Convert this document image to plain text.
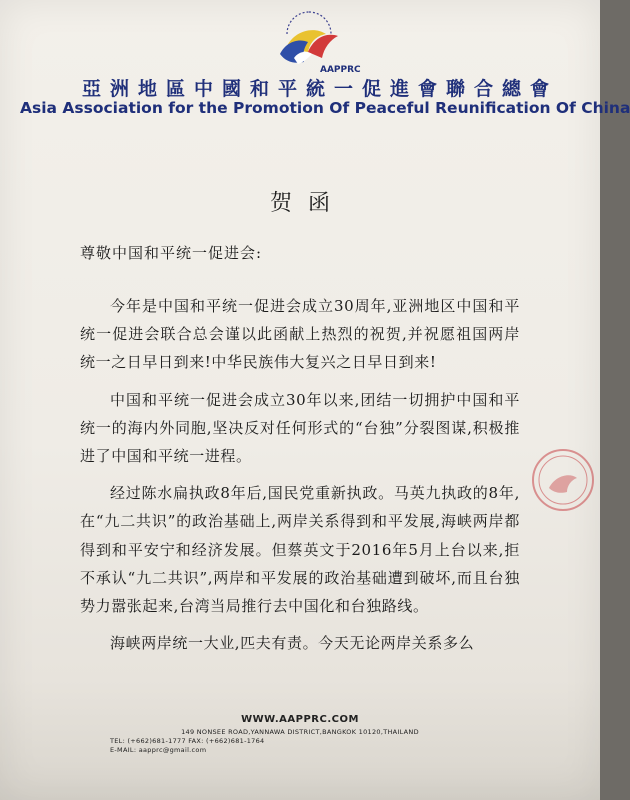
AAPPRC
亞洲地區中國和平統一促進會聯合總會
Asia Association for the Promotion Of Peaceful Reunification Of China
贺函
尊敬中国和平统一促进会:

今年是中国和平统一促进会成立30周年,亚洲地区中国和平统一促进会联合总会谨以此函献上热烈的祝贺,并祝愿祖国两岸统一之日早日到来!中华民族伟大复兴之日早日到来!

中国和平统一促进会成立30年以来,团结一切拥护中国和平统一的海内外同胞,坚决反对任何形式的“台独”分裂图谋,积极推进了中国和平统一进程。

经过陈水扁执政8年后,国民党重新执政。马英九执政的8年,在“九二共识”的政治基础上,两岸关系得到和平发展,海峡两岸都得到和平安宁和经济发展。但蔡英文于2016年5月上台以来,拒不承认“九二共识”,两岸和平发展的政治基础遭到破坏,而且台独势力嚣张起来,台湾当局推行去中国化和台独路线。

海峡两岸统一大业,匹夫有责。今天无论两岸关系多么

WWW.AAPPRC.COM
149 NONSEE ROAD,YANNAWA DISTRICT,BANGKOK 10120,THAILAND
TEL: (+662)681-1777 FAX: (+662)681-1764
E-MAIL: aapprc@gmail.com
